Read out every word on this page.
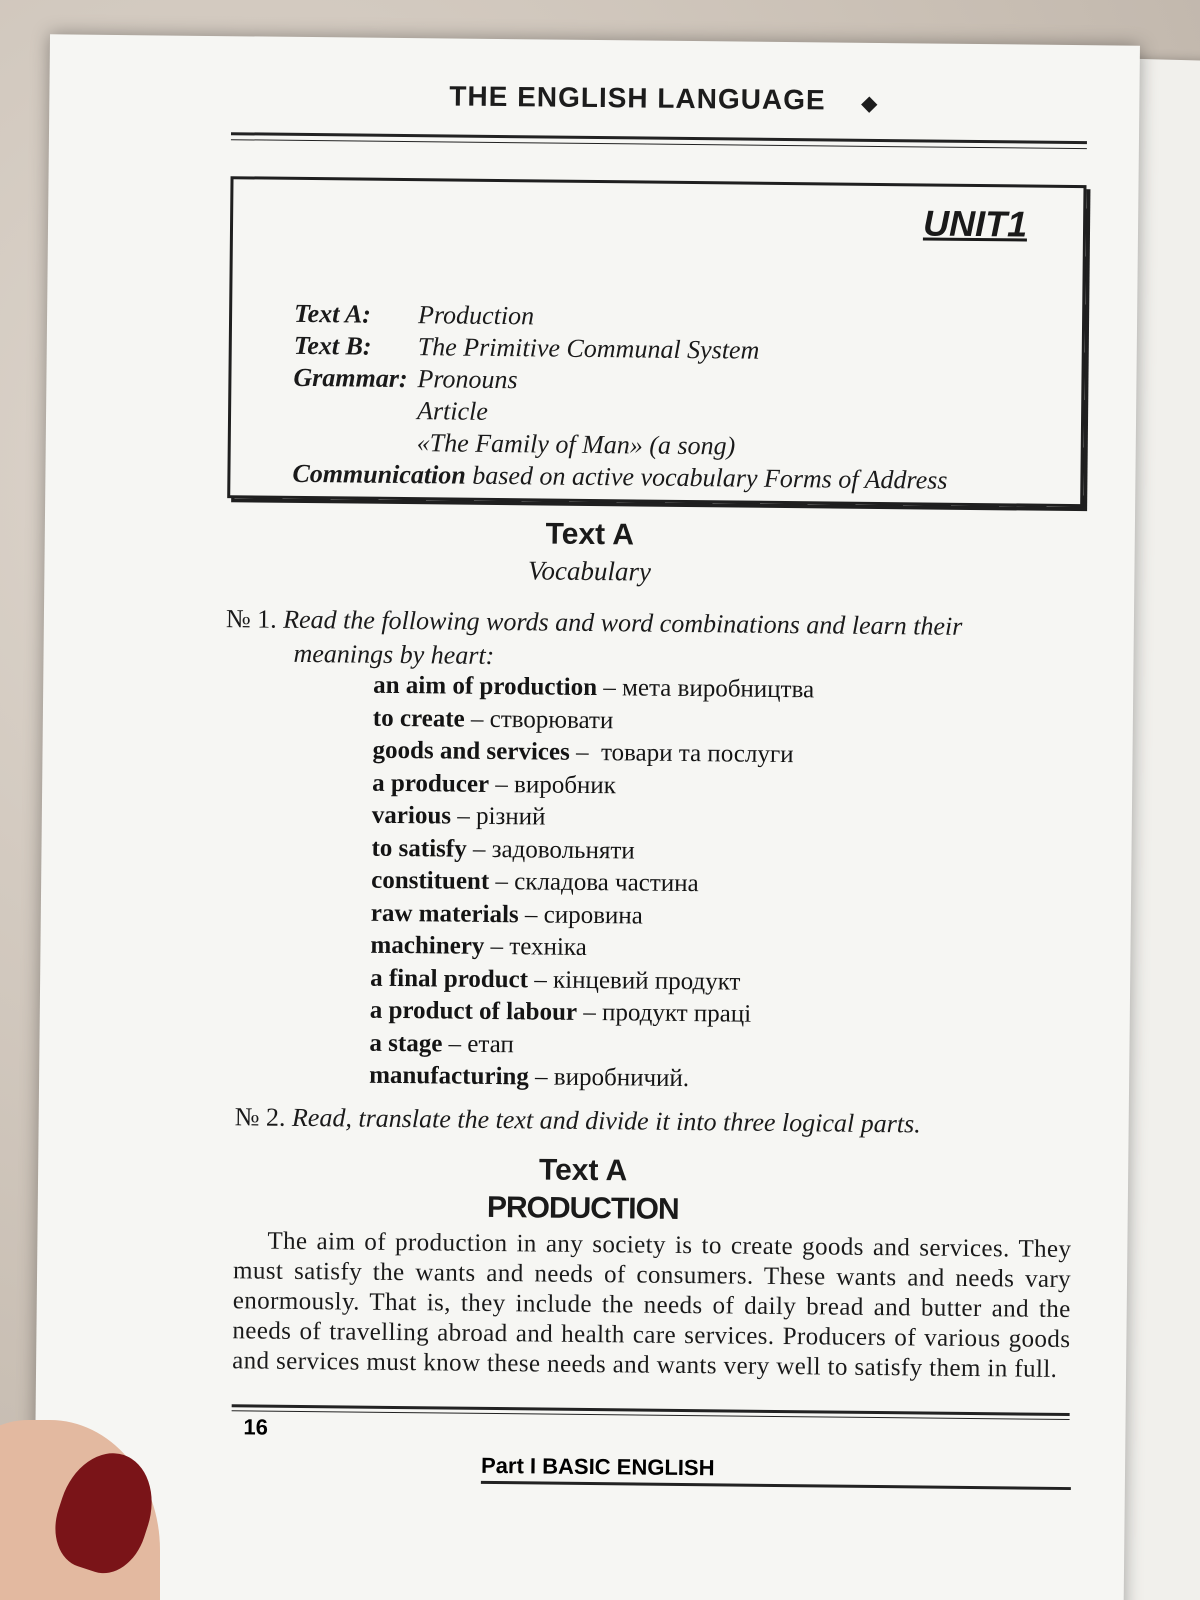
THE ENGLISH LANGUAGE ◆
UNIT1
Text A: Production
Text B: The Primitive Communal System
Grammar: Pronouns
Article
«The Family of Man» (a song)
Communication based on active vocabulary Forms of Address
Text A
Vocabulary
№ 1. Read the following words and word combinations and learn their
meanings by heart:
an aim of production – мета виробництва
to create – створювати
goods and services –  товари та послуги
a producer – виробник
various – різний
to satisfy – задовольняти
constituent – складова частина
raw materials – сировина
machinery – техніка
a final product – кінцевий продукт
a product of labour – продукт праці
a stage – етап
manufacturing – виробничий.
№ 2. Read, translate the text and divide it into three logical parts.
Text A
PRODUCTION
The aim of production in any society is to create goods and services. They must satisfy the wants and needs of consumers. These wants and needs vary enormously. That is, they include the needs of daily bread and butter and the needs of travelling abroad and health care services. Producers of various goods and services must know these needs and wants very well to satisfy them in full.
16
Part I BASIC ENGLISH
